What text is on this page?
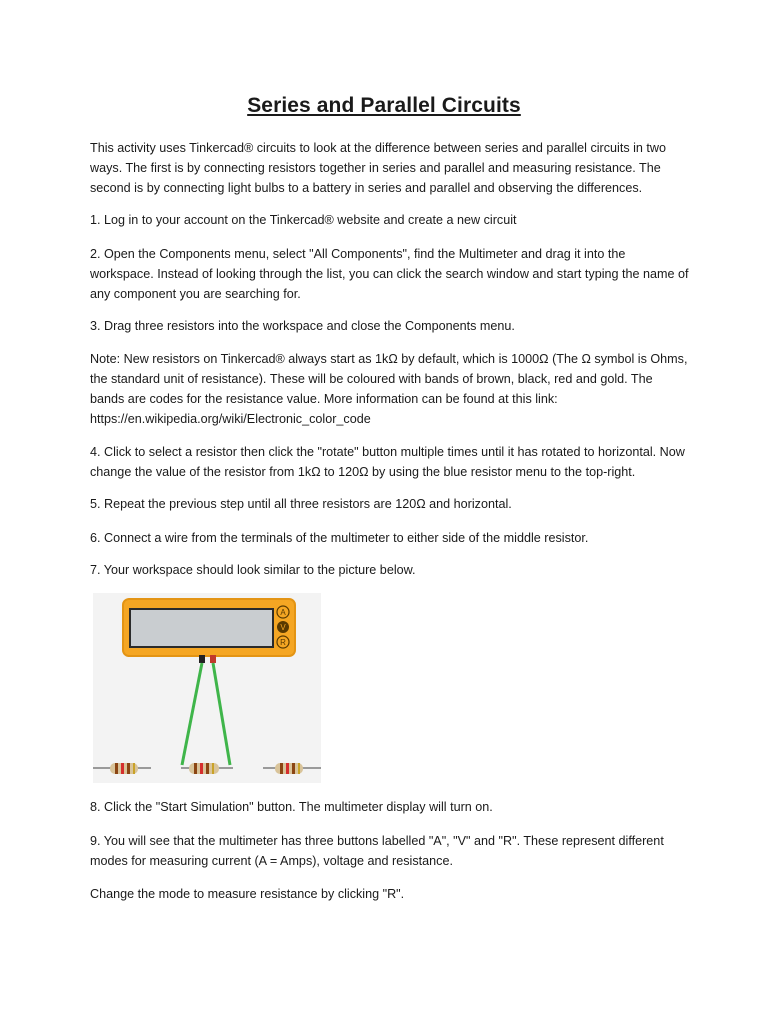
Series and Parallel Circuits

This activity uses Tinkercad® circuits to look at the difference between series and parallel circuits in two ways. The first is by connecting resistors together in series and parallel and measuring resistance. The second is by connecting light bulbs to a battery in series and parallel and observing the differences.

1. Log in to your account on the Tinkercad® website and create a new circuit

2. Open the Components menu, select "All Components", find the Multimeter and drag it into the workspace. Instead of looking through the list, you can click the search window and start typing the name of any component you are searching for.

3. Drag three resistors into the workspace and close the Components menu.

Note: New resistors on Tinkercad® always start as 1kΩ by default, which is 1000Ω (The Ω symbol is Ohms, the standard unit of resistance). These will be coloured with bands of brown, black, red and gold. The bands are codes for the resistance value. More information can be found at this link: https://en.wikipedia.org/wiki/Electronic_color_code

4. Click to select a resistor then click the "rotate" button multiple times until it has rotated to horizontal. Now change the value of the resistor from 1kΩ to 120Ω by using the blue resistor menu to the top-right.

5. Repeat the previous step until all three resistors are 120Ω and horizontal.

6. Connect a wire from the terminals of the multimeter to either side of the middle resistor.

7. Your workspace should look similar to the picture below.

A
V
R

8. Click the "Start Simulation" button. The multimeter display will turn on.

9. You will see that the multimeter has three buttons labelled "A", "V" and "R". These represent different modes for measuring current (A = Amps), voltage and resistance.

Change the mode to measure resistance by clicking "R".
